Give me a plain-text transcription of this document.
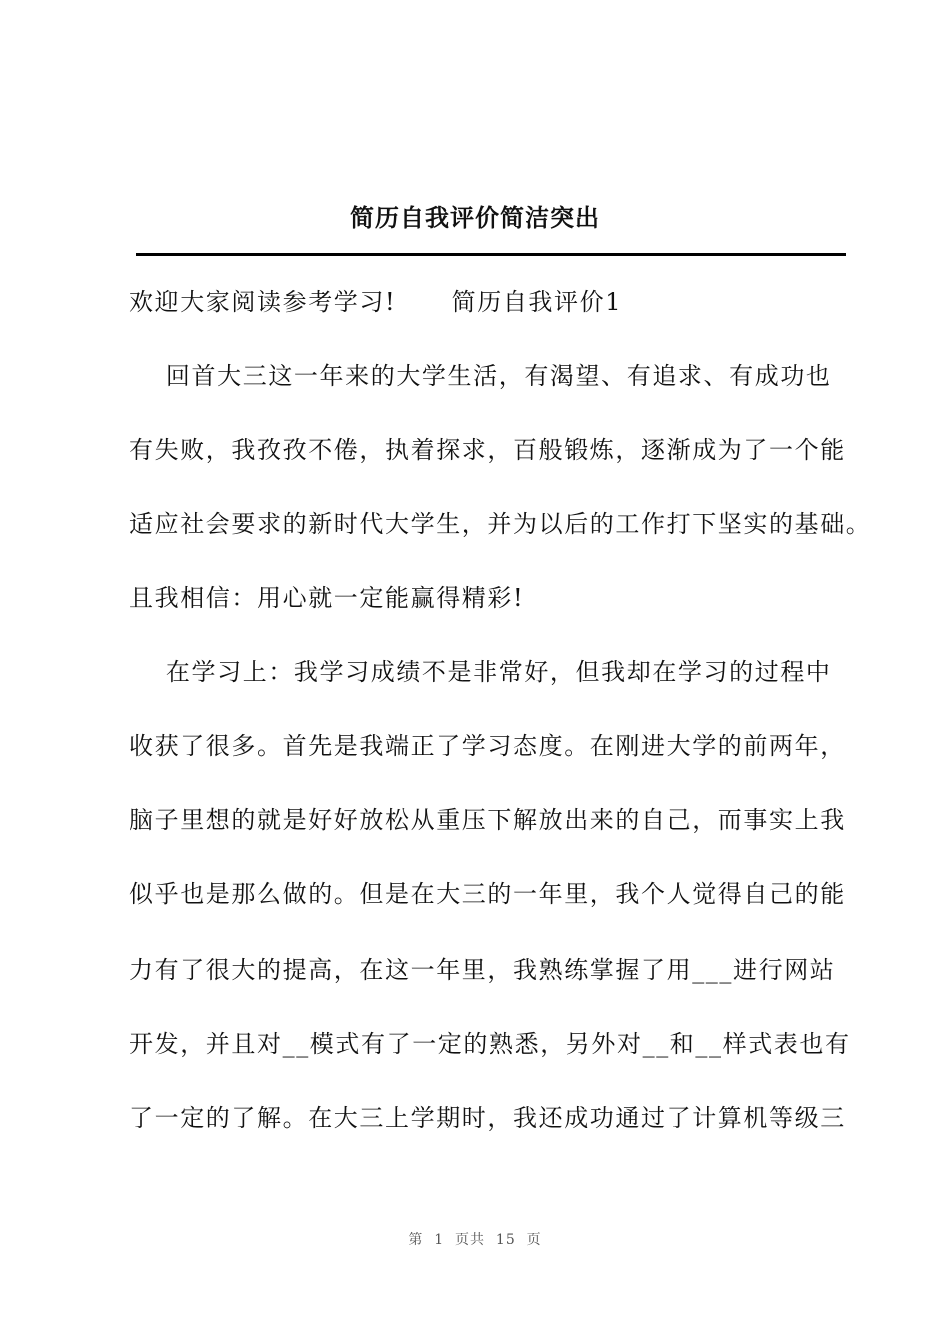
简历自我评价简洁突出
欢迎大家阅读参考学习!      简历自我评价1
回首大三这一年来的大学生活，有渴望、有追求、有成功也
有失败，我孜孜不倦，执着探求，百般锻炼，逐渐成为了一个能
适应社会要求的新时代大学生，并为以后的工作打下坚实的基础。
且我相信：用心就一定能赢得精彩!
在学习上：我学习成绩不是非常好，但我却在学习的过程中
收获了很多。首先是我端正了学习态度。在刚进大学的前两年，
脑子里想的就是好好放松从重压下解放出来的自己，而事实上我
似乎也是那么做的。但是在大三的一年里，我个人觉得自己的能
力有了很大的提高，在这一年里，我熟练掌握了用___进行网站
开发，并且对__模式有了一定的熟悉，另外对__和__样式表也有
了一定的了解。在大三上学期时，我还成功通过了计算机等级三
第  1  页共  15  页
